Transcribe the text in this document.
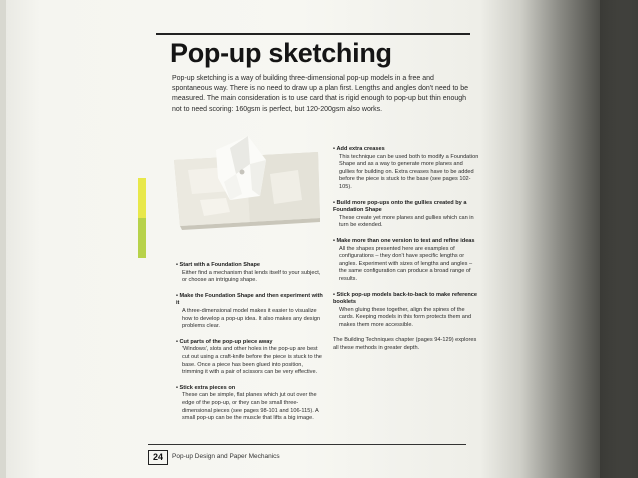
Pop-up sketching

Pop-up sketching is a way of building three-dimensional pop-up models in a free and spontaneous way. There is no need to draw up a plan first. Lengths and angles don't need to be measured. The main consideration is to use card that is rigid enough to pop-up but thin enough not to need scoring: 160gsm is perfect, but 120-200gsm also works.

• Start with a Foundation Shape

Either find a mechanism that lends itself to your subject, or choose an intriguing shape.

• Make the Foundation Shape and then experiment with it

A three-dimensional model makes it easier to visualize how to develop a pop-up idea. It also makes any design problems clear.

• Cut parts of the pop-up piece away

'Windows', slots and other holes in the pop-up are best cut out using a craft-knife before the piece is stuck to the base. Once a piece has been glued into position, trimming it with a pair of scissors can be very effective.

• Stick extra pieces on

These can be simple, flat planes which jut out over the edge of the pop-up, or they can be small three-dimensional pieces (see pages 98-101 and 106-115). A small pop-up can be the muscle that lifts a big image.

• Add extra creases

This technique can be used both to modify a Foundation Shape and as a way to generate more planes and gullies for building on. Extra creases have to be added before the piece is stuck to the base (see pages 102-105).

• Build more pop-ups onto the gullies created by a Foundation Shape

These create yet more planes and gullies which can in turn be extended.

• Make more than one version to test and refine ideas

All the shapes presented here are examples of configurations – they don't have specific lengths or angles. Experiment with sizes of lengths and angles – the same configuration can produce a broad range of results.

• Stick pop-up models back-to-back to make reference booklets

When gluing these together, align the spines of the cards. Keeping models in this form protects them and makes them more accessible.

The Building Techniques chapter (pages 94-129) explores all these methods in greater depth.

24	Pop-up Design and Paper Mechanics
